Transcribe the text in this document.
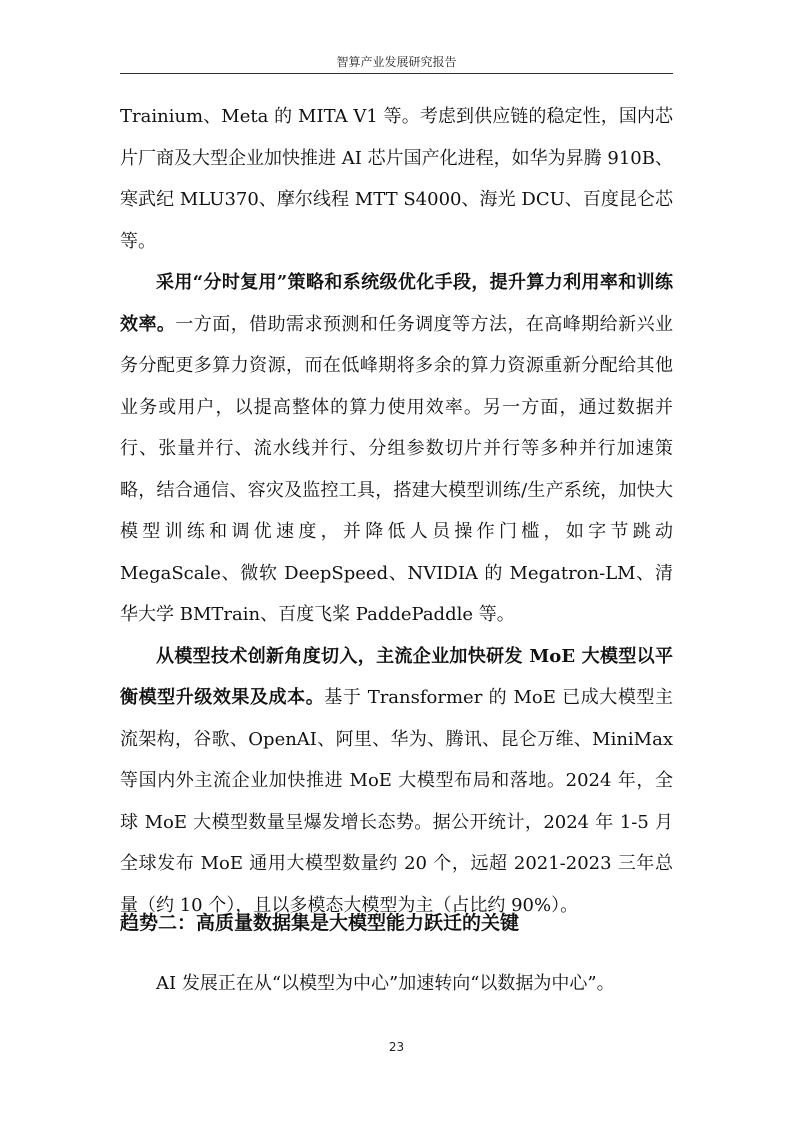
智算产业发展研究报告

Trainium、Meta 的 MITA V1 等。考虑到供应链的稳定性，国内芯片厂商及大型企业加快推进 AI 芯片国产化进程，如华为昇腾 910B、寒武纪 MLU370、摩尔线程 MTT S4000、海光 DCU、百度昆仑芯等。

采用“分时复用”策略和系统级优化手段，提升算力利用率和训练效率。一方面，借助需求预测和任务调度等方法，在高峰期给新兴业务分配更多算力资源，而在低峰期将多余的算力资源重新分配给其他业务或用户，以提高整体的算力使用效率。另一方面，通过数据并行、张量并行、流水线并行、分组参数切片并行等多种并行加速策略，结合通信、容灾及监控工具，搭建大模型训练/生产系统，加快大模型训练和调优速度，并降低人员操作门槛，如字节跳动 MegaScale、微软 DeepSpeed、NVIDIA 的 Megatron-LM、清华大学 BMTrain、百度飞桨 PaddePaddle 等。

从模型技术创新角度切入，主流企业加快研发 MoE 大模型以平衡模型升级效果及成本。基于 Transformer 的 MoE 已成大模型主流架构，谷歌、OpenAI、阿里、华为、腾讯、昆仑万维、MiniMax 等国内外主流企业加快推进 MoE 大模型布局和落地。2024 年，全球 MoE 大模型数量呈爆发增长态势。据公开统计，2024 年 1-5 月全球发布 MoE 通用大模型数量约 20 个，远超 2021-2023 三年总量（约 10 个），且以多模态大模型为主（占比约 90%）。

趋势二：高质量数据集是大模型能力跃迁的关键
AI 发展正在从“以模型为中心”加速转向“以数据为中心”。
23
